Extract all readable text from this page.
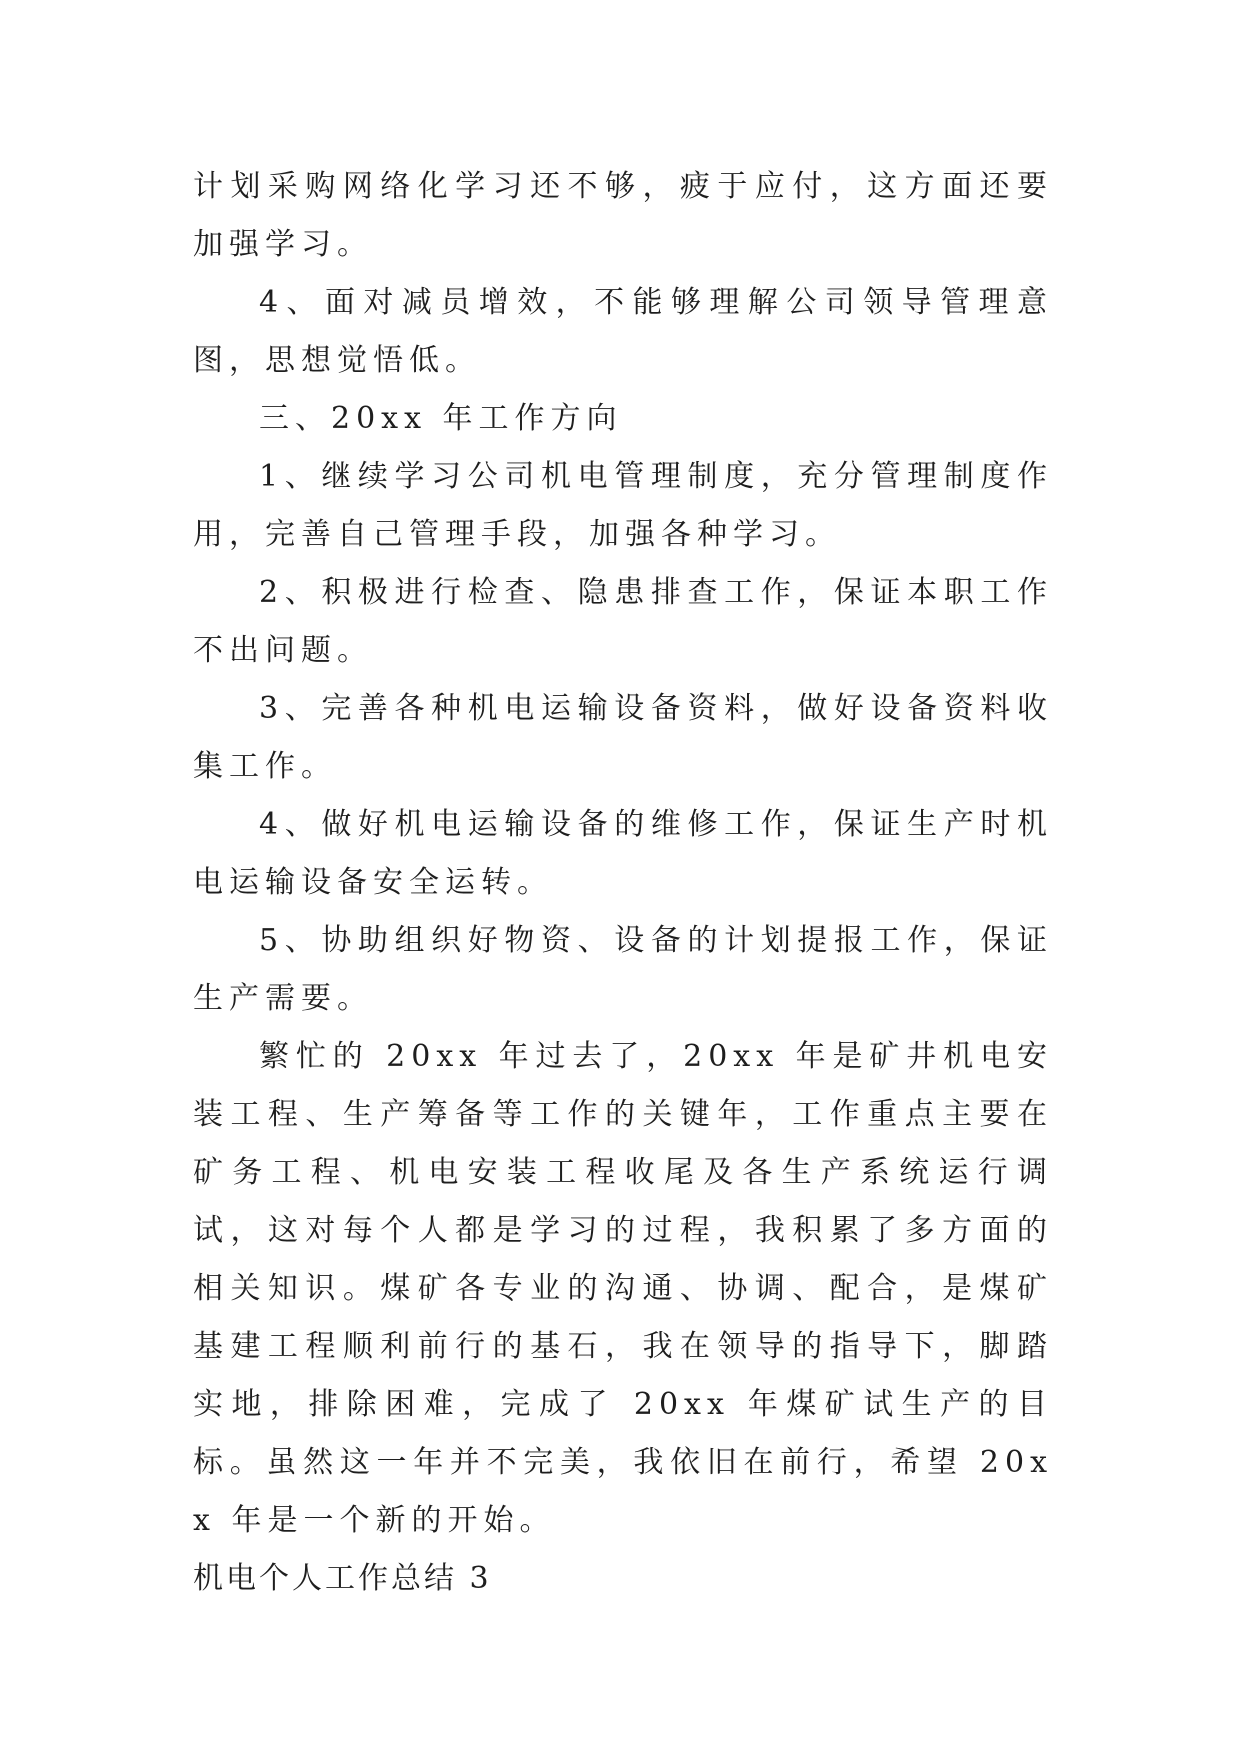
计划采购网络化学习还不够，疲于应付，这方面还要加强学习。

4、面对减员增效，不能够理解公司领导管理意图，思想觉悟低。

三、20xx 年工作方向

1、继续学习公司机电管理制度，充分管理制度作用，完善自己管理手段，加强各种学习。

2、积极进行检查、隐患排查工作，保证本职工作不出问题。

3、完善各种机电运输设备资料，做好设备资料收集工作。

4、做好机电运输设备的维修工作，保证生产时机电运输设备安全运转。

5、协助组织好物资、设备的计划提报工作，保证生产需要。

繁忙的 20xx 年过去了，20xx 年是矿井机电安装工程、生产筹备等工作的关键年，工作重点主要在矿务工程、机电安装工程收尾及各生产系统运行调试，这对每个人都是学习的过程，我积累了多方面的相关知识。煤矿各专业的沟通、协调、配合，是煤矿基建工程顺利前行的基石，我在领导的指导下，脚踏实地，排除困难，完成了 20xx 年煤矿试生产的目标。虽然这一年并不完美，我依旧在前行，希望 20xx 年是一个新的开始。

机电个人工作总结 3
